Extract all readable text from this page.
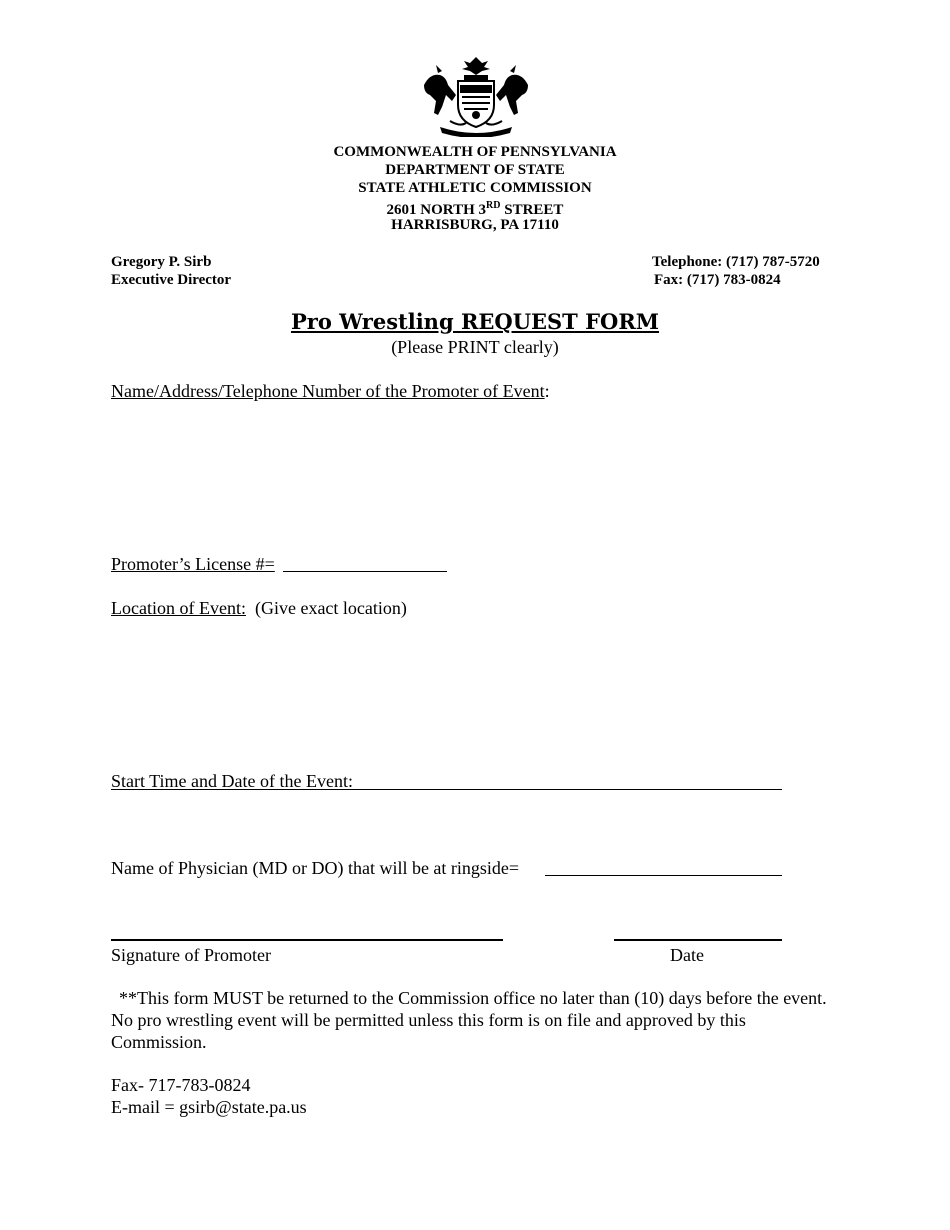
COMMONWEALTH OF PENNSYLVANIA
DEPARTMENT OF STATE
STATE ATHLETIC COMMISSION
2601 NORTH 3RD STREET
HARRISBURG, PA 17110
Gregory P. Sirb
Executive Director
Telephone: (717) 787-5720
Fax: (717) 783-0824
Pro Wrestling REQUEST FORM
(Please PRINT clearly)
Name/Address/Telephone Number of the Promoter of Event:
Promoter’s License #=
Location of Event: (Give exact location)
Start Time and Date of the Event:
Name of Physician (MD or DO) that will be at ringside=
Signature of Promoter	Date
**This form MUST be returned to the Commission office no later than (10) days before the event. No pro wrestling event will be permitted unless this form is on file and approved by this Commission.
Fax- 717-783-0824
E-mail = gsirb@state.pa.us
